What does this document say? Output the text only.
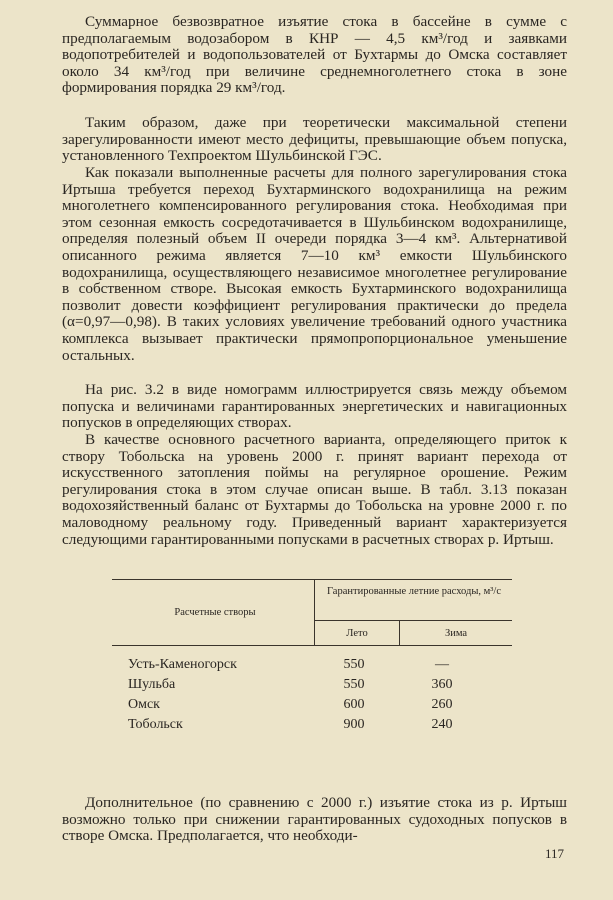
Суммарное безвозвратное изъятие стока в бассейне в сумме с предполагаемым водозабором в КНР — 4,5 км³/год и заявками водопотребителей и водопользователей от Бухтармы до Омска составляет около 34 км³/год при величине среднемноголетнего стока в зоне формирования порядка 29 км³/год.

Таким образом, даже при теоретически максимальной степени зарегулированности имеют место дефициты, превышающие объем попуска, установленного Техпроектом Шульбинской ГЭС.

Как показали выполненные расчеты для полного зарегулирования стока Иртыша требуется переход Бухтарминского водохранилища на режим многолетнего компенсированного регулирования стока. Необходимая при этом сезонная емкость сосредотачивается в Шульбинском водохранилище, определяя полезный объем II очереди порядка 3—4 км³. Альтернативой описанного режима является 7—10 км³ емкости Шульбинского водохранилища, осуществляющего независимое многолетнее регулирование в собственном створе. Высокая емкость Бухтарминского водохранилища позволит довести коэффициент регулирования практически до предела (α=0,97—0,98). В таких условиях увеличение требований одного участника комплекса вызывает практически прямопропорциональное уменьшение остальных.

На рис. 3.2 в виде номограмм иллюстрируется связь между объемом попуска и величинами гарантированных энергетических и навигационных попусков в определяющих створах.

В качестве основного расчетного варианта, определяющего приток к створу Тобольска на уровень 2000 г. принят вариант перехода от искусственного затопления поймы на регулярное орошение. Режим регулирования стока в этом случае описан выше. В табл. 3.13 показан водохозяйственный баланс от Бухтармы до Тобольска на уровне 2000 г. по маловодному реальному году. Приведенный вариант характеризуется следующими гарантированными попусками в расчетных створах р. Иртыш.

Расчетные створы
Гарантированные летние расходы, м³/с
Лето	Зима
Усть-Каменогорск	550	—
Шульба	550	360
Омск	600	260
Тобольск	900	240

Дополнительное (по сравнению с 2000 г.) изъятие стока из р. Иртыш возможно только при снижении гарантированных судоходных попусков в створе Омска. Предполагается, что необходи-

117
